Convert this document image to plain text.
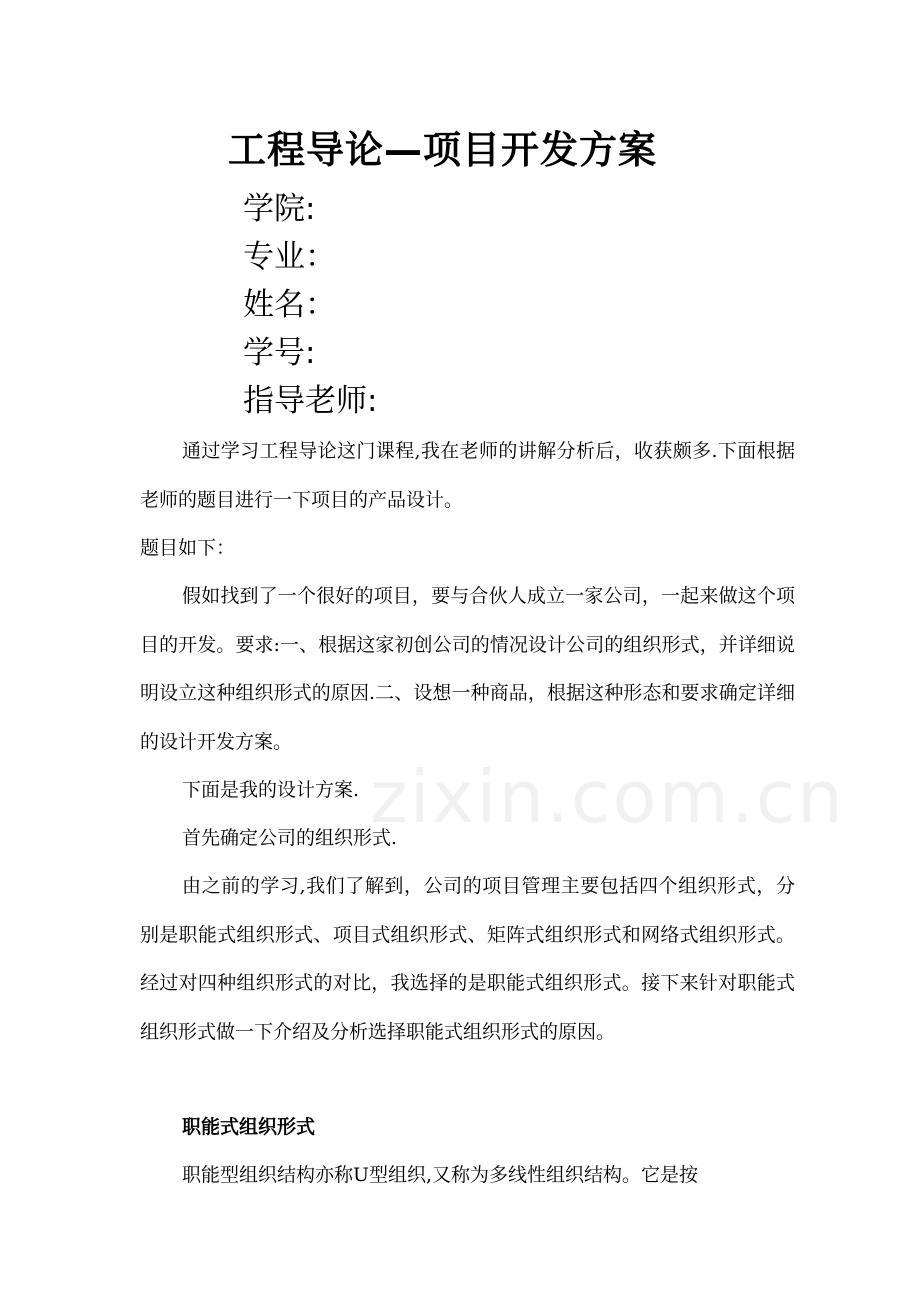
工程导论—项目开发方案
学院:
专业：
姓名：
学号:
指导老师:

通过学习工程导论这门课程,我在老师的讲解分析后，收获颇多.下面根据老师的题目进行一下项目的产品设计。

题目如下：

假如找到了一个很好的项目，要与合伙人成立一家公司，一起来做这个项目的开发。要求:一、根据这家初创公司的情况设计公司的组织形式，并详细说明设立这种组织形式的原因.二、设想一种商品，根据这种形态和要求确定详细的设计开发方案。

下面是我的设计方案.

首先确定公司的组织形式.

由之前的学习,我们了解到，公司的项目管理主要包括四个组织形式，分别是职能式组织形式、项目式组织形式、矩阵式组织形式和网络式组织形式。经过对四种组织形式的对比，我选择的是职能式组织形式。接下来针对职能式组织形式做一下介绍及分析选择职能式组织形式的原因。

职能式组织形式

职能型组织结构亦称U型组织,又称为多线性组织结构。它是按

zixin.com.cn
